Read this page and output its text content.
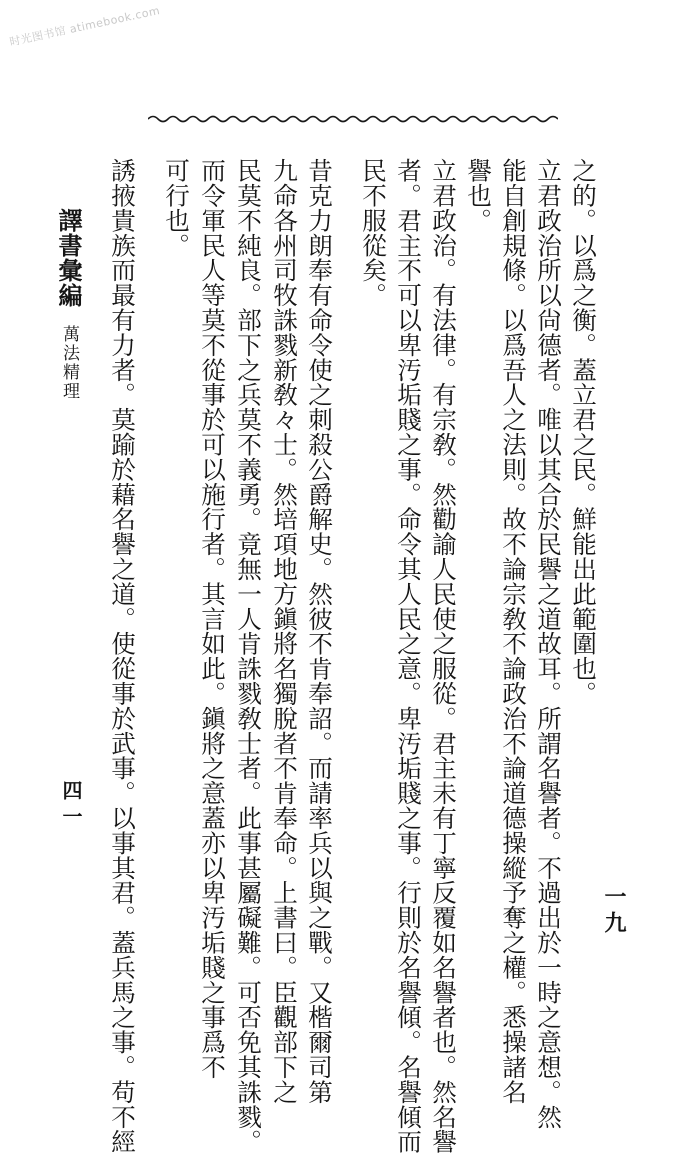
时光图书馆 atimebook.com
一九
之的。以爲之衡。蓋立君之民。鮮能出此範圍也。
立君政治所以尙德者。唯以其合於民譽之道故耳。所謂名譽者。不過出於一時之意想。然
能自創規條。以爲吾人之法則。故不論宗敎不論政治不論道德操縱予奪之權。悉操諸名
譽也。
立君政治。有法律。有宗敎。然勸諭人民使之服從。君主未有丁寧反覆如名譽者也。然名譽
者。君主不可以卑汚垢賤之事。命令其人民之意。卑汚垢賤之事。行則於名譽傾。名譽傾而
民不服從矣。
昔克力朗奉有命令使之刺殺公爵解史。然彼不肯奉詔。而請率兵以與之戰。又楷爾司第
九命各州司牧誅戮新敎々士。然培項地方鎭將名獨脫者不肯奉命。上書曰。臣觀部下之
民莫不純良。部下之兵莫不義勇。竟無一人肯誅戮敎士者。此事甚屬礙難。可否免其誅戮。
而令軍民人等莫不從事於可以施行者。其言如此。鎭將之意蓋亦以卑汚垢賤之事爲不
可行也。
誘掖貴族而最有力者。莫踰於藉名譽之道。使從事於武事。以事其君。蓋兵馬之事。苟不經
譯書彙編
萬法精理
四一
